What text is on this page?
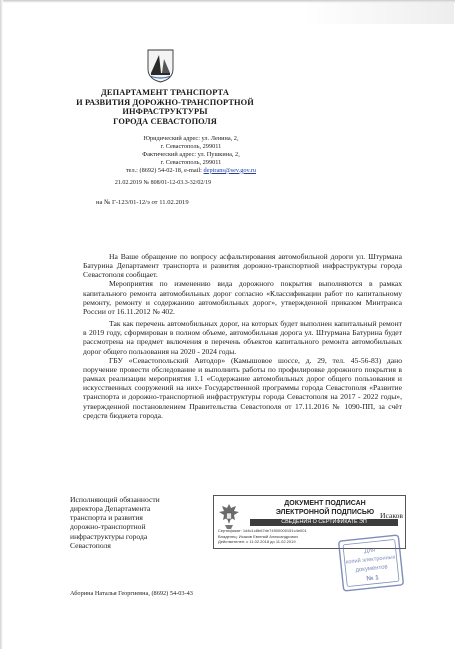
ДЕПАРТАМЕНТ ТРАНСПОРТА
И РАЗВИТИЯ ДОРОЖНО-ТРАНСПОРТНОЙ
ИНФРАСТРУКТУРЫ
ГОРОДА СЕВАСТОПОЛЯ
Юридический адрес: ул. Ленина, 2,
г. Севастополь, 299011
Фактический адрес: ул. Пушкина, 2,
г. Севастополь, 299011
тел.: (8692) 54-02-18, e-mail: deptrans@sev.gov.ru
21.02.2019 № 808/01-12-03.3-32/02/19
на № Г-123/01-12/э от 11.02.2019

На Ваше обращение по вопросу асфальтирования автомобильной дороги ул. Штурмана Батурина Департамент транспорта и развития дорожно-транспортной инфраструктуры города Севастополя сообщает.

Мероприятия по изменению вида дорожного покрытия выполняются в рамках капитального ремонта автомобильных дорог согласно «Классификации работ по капитальному ремонту, ремонту и содержанию автомобильных дорог», утвержденной приказом Минтранса России от 16.11.2012 № 402.

Так как перечень автомобильных дорог, на которых будет выполнен капитальный ремонт в 2019 году, сформирован в полном объеме, автомобильная дорога ул. Штурмана Батурина будет рассмотрена на предмет включения в перечень объектов капитального ремонта автомобильных дорог общего пользования на 2020 - 2024 годы.

ГБУ «Севастопольский Автодор» (Камышовое шоссе, д. 29, тел. 45-56-83) дано поручение провести обследование и выполнить работы по профилировке дорожного покрытия в рамках реализации мероприятия 1.1 «Содержание автомобильных дорог общего пользования и искусственных сооружений на них» Государственной программы города Севастополя «Развитие транспорта и дорожно-транспортной инфраструктуры города Севастополя на 2017 - 2022 годы», утвержденной постановлением Правительства Севастополя от 17.11.2016 № 1090-ПП, за счёт средств бюджета города.

Исполняющий обязанности
директора Департамента
транспорта и развития
дорожно-транспортной
инфраструктуры города
Севастополя
ДОКУМЕНТ ПОДПИСАН
ЭЛЕКТРОННОЙ ПОДПИСЬЮ
СВЕДЕНИЯ О СЕРТИФИКАТЕ ЭП
Сертификат: 1d4c1c8b67de74900000151c4e001
Владелец: Исаков Евгений Александрович
Действителен: с 11.02.2018 до 11.02.2019
Исаков
Для
копий электронных
документов
№ 1
Аборина Наталья Георгиевна, (8692) 54-03-43
